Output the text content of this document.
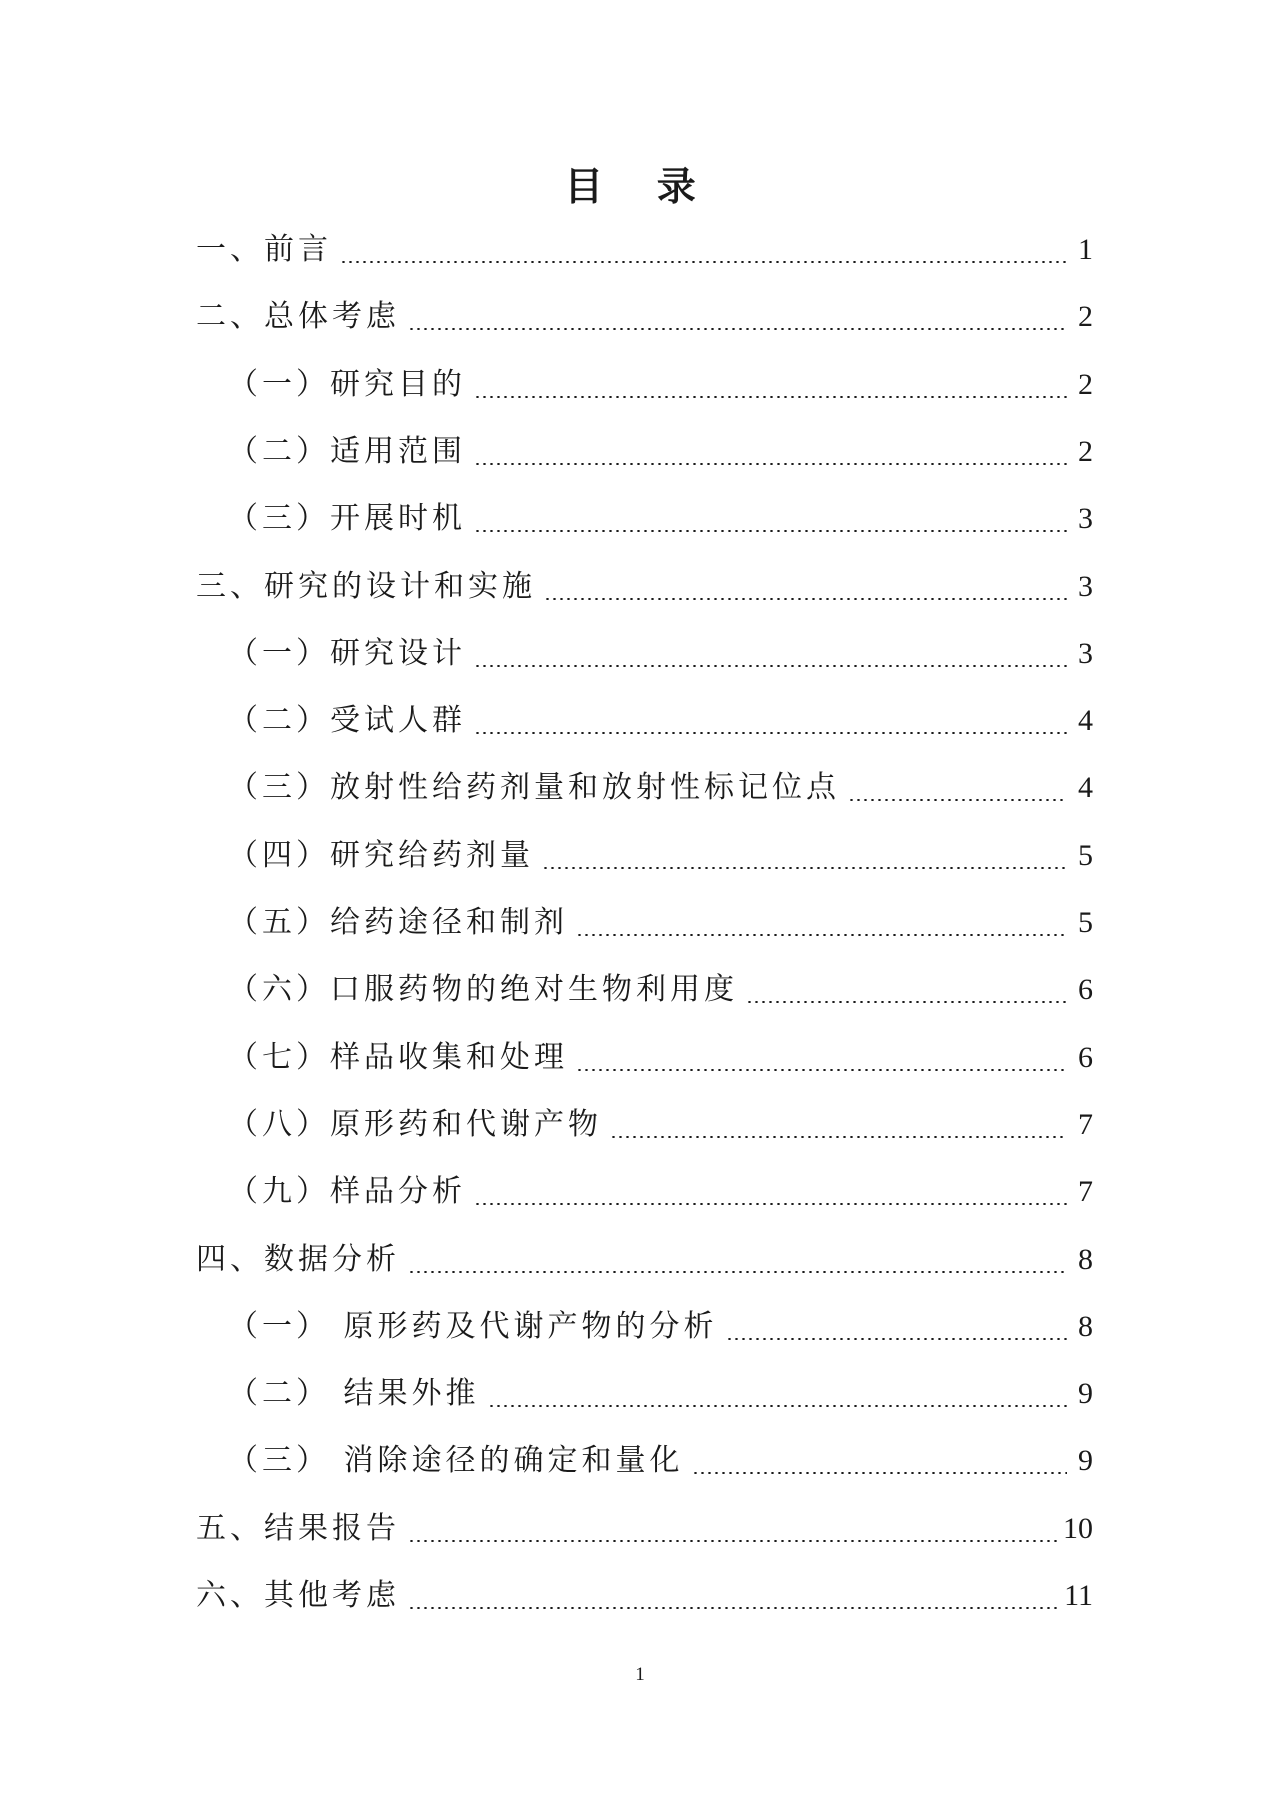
目 录
一、前言	1
二、总体考虑	2
（一）研究目的	2
（二）适用范围	2
（三）开展时机	3
三、研究的设计和实施	3
（一）研究设计	3
（二）受试人群	4
（三）放射性给药剂量和放射性标记位点	4
（四）研究给药剂量	5
（五）给药途径和制剂	5
（六）口服药物的绝对生物利用度	6
（七）样品收集和处理	6
（八）原形药和代谢产物	7
（九）样品分析	7
四、数据分析	8
（一） 原形药及代谢产物的分析	8
（二） 结果外推	9
（三） 消除途径的确定和量化	9
五、结果报告	10
六、其他考虑	11
1
